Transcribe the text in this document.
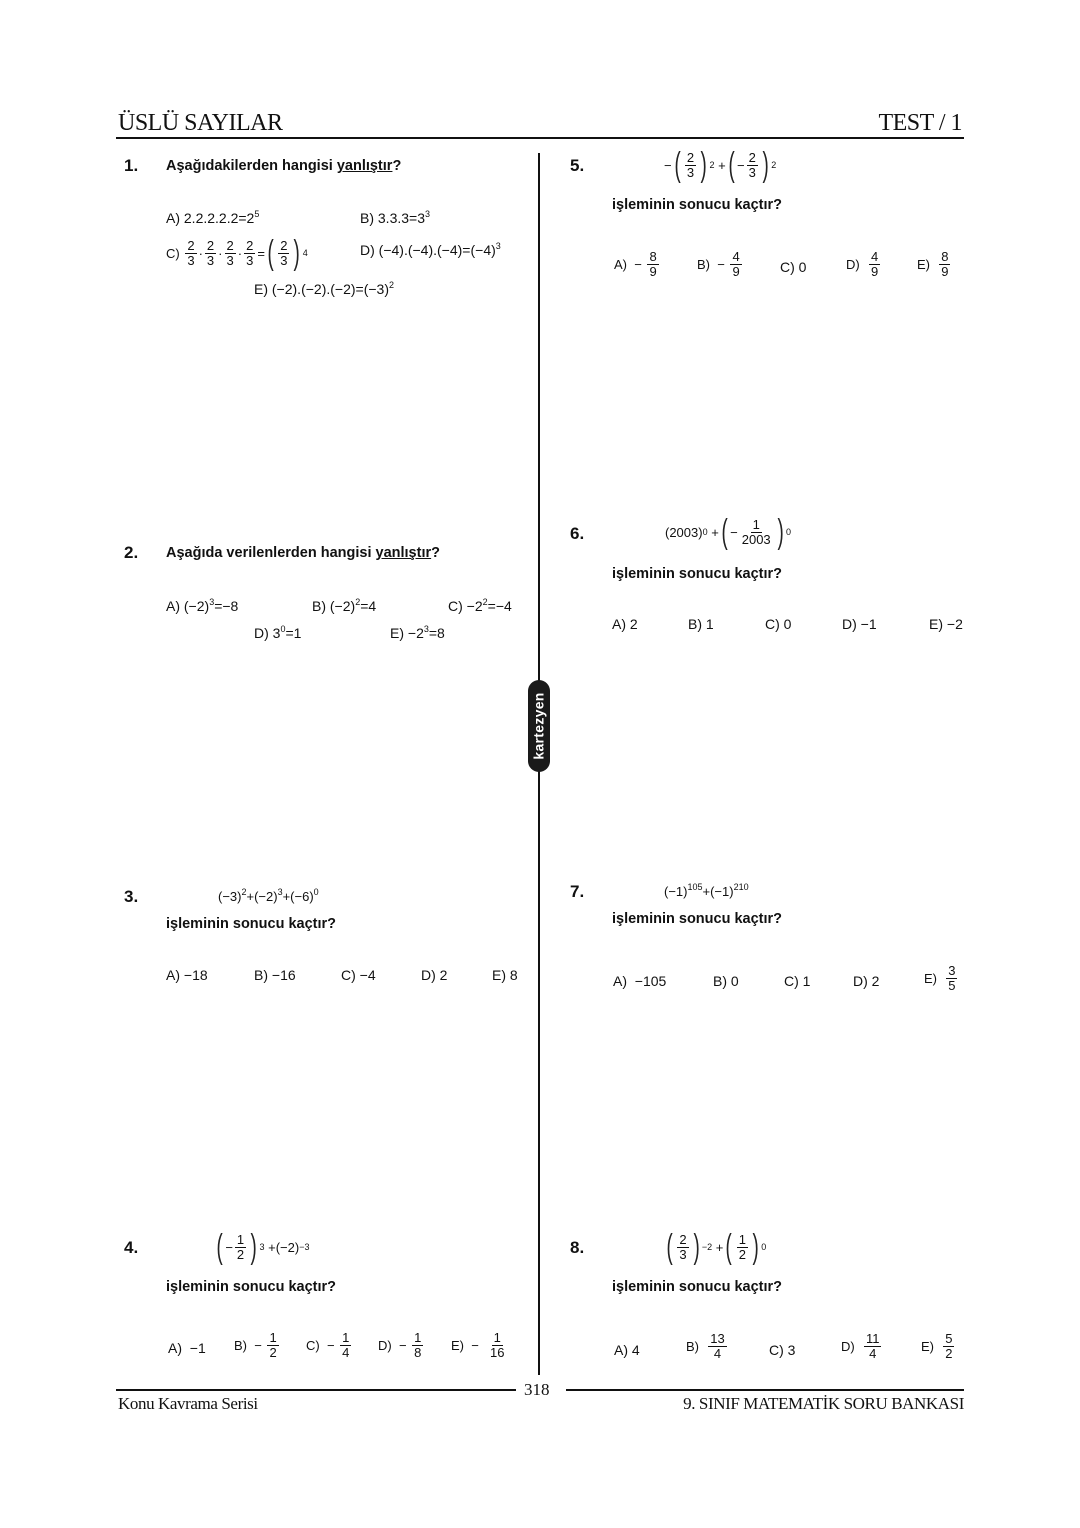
ÜSLÜ SAYILAR	TEST / 1
kartezyen
1. Aşağıdakilerden hangisi yanlıştır?
A) $2.2.2.2.2=2^5$	B) $3.3.3=3^3$
$C) \frac{2}{3} \cdot \frac{2}{3} \cdot \frac{2}{3} \cdot \frac{2}{3}$ = ( $\frac{2}{3}$ ) 4	D) $(-4).(-4).(-4)=(-4)^3$
E) $(-2).(-2).(-2)=(-3)^2$
2. Aşağıda verilenlerden hangisi yanlıştır?
A) $(-2)^3=-8$	B) $(-2)^2=4$	$C) -2^2=-4$
D) $3^0=1$	$E) -2^3=8$
3.	$(-3)^2+(-2)^3+(-6)^0$
işleminin sonucu kaçtır?
A) −18	B) −16	C) −4	D) 2	E) 8
4. ( − $\frac{1}{2}$ ) 3 +(−2) −3
işleminin sonucu kaçtır?
A)  −1 $B) - \frac{1}{2} C) - \frac{1}{4} D) - \frac{1}{8} E) - \frac{1}{16}$
5.	− ( $\frac{2}{3}$ ) 2 + ( − $\frac{2}{3}$ ) 2
işleminin sonucu kaçtır?
$A) - \frac{8}{9}$	$B) - \frac{4}{9}$	C) 0	$D) \frac{4}{9}$	$E) \frac{8}{9}$
6.	(2003) 0 + ( − $\frac{1}{2003}$ ) 0
işleminin sonucu kaçtır?
A) 2	B) 1	C) 0	D) −1	E) −2
7.	$(-1)^{105}+(-1)^{210}$
işleminin sonucu kaçtır?
A)  −105	B) 0	C) 1	D) 2	$E) \frac{3}{5}$
8. ( $\frac{2}{3}$ ) −2 + ( $\frac{1}{2}$ ) 0
işleminin sonucu kaçtır?
A) 4	$B) \frac{13}{4}$	C) 3	$D) \frac{11}{4}$	$E) \frac{5}{2}$
318
Konu Kavrama Serisi	9. SINIF MATEMATİK SORU BANKASI
